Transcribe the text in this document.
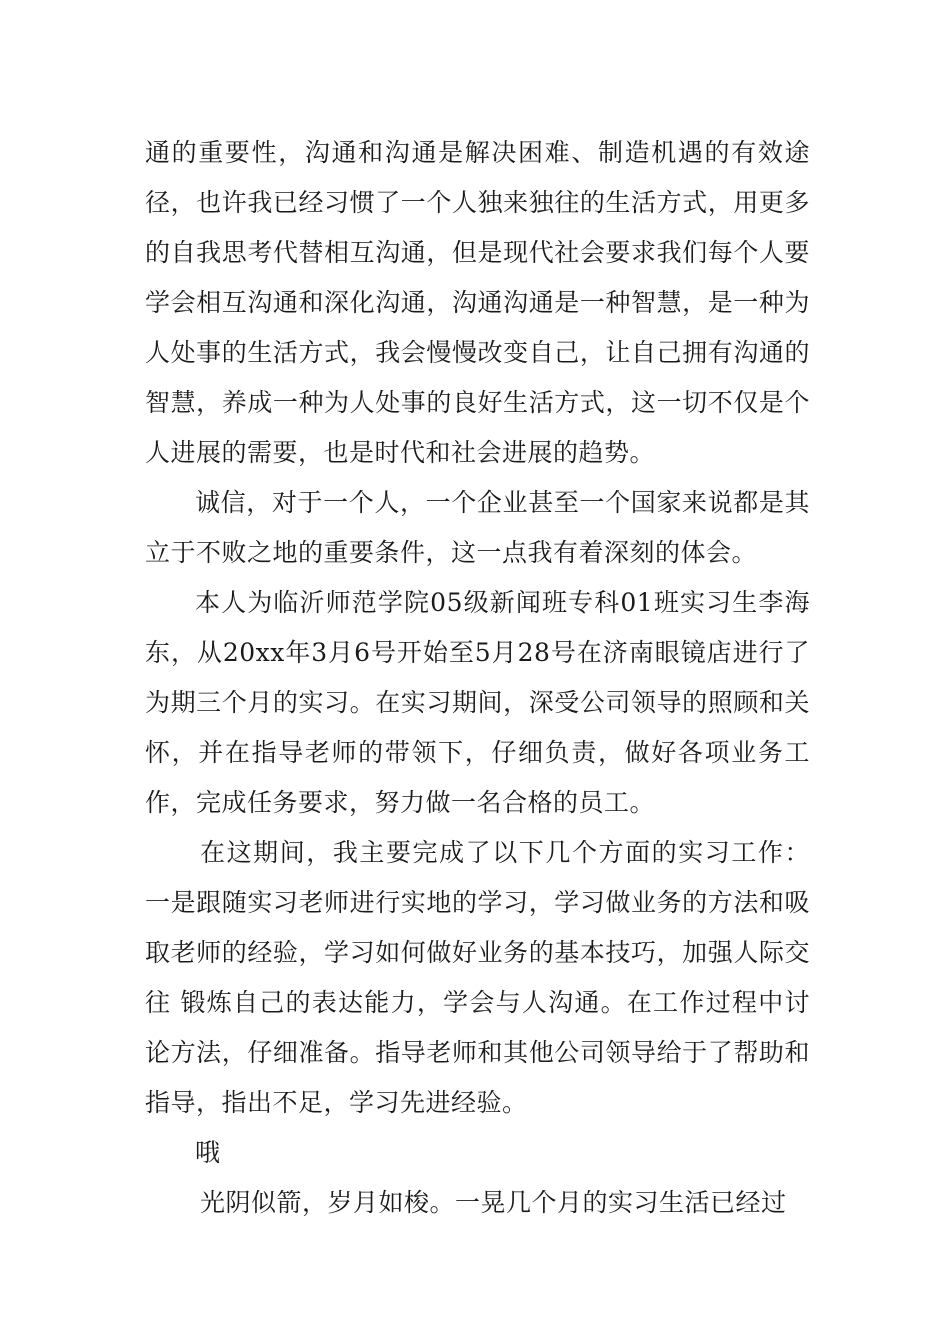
通的重要性，沟通和沟通是解决困难、制造机遇的有效途径，也许我已经习惯了一个人独来独往的生活方式，用更多的自我思考代替相互沟通，但是现代社会要求我们每个人要学会相互沟通和深化沟通，沟通沟通是一种智慧，是一种为人处事的生活方式，我会慢慢改变自己，让自己拥有沟通的智慧，养成一种为人处事的良好生活方式，这一切不仅是个人进展的需要，也是时代和社会进展的趋势。

诚信，对于一个人，一个企业甚至一个国家来说都是其立于不败之地的重要条件，这一点我有着深刻的体会。

本人为临沂师范学院05级新闻班专科01班实习生李海东，从20xx年3月6号开始至5月28号在济南眼镜店进行了为期三个月的实习。在实习期间，深受公司领导的照顾和关怀，并在指导老师的带领下，仔细负责，做好各项业务工作，完成任务要求，努力做一名合格的员工。

在这期间，我主要完成了以下几个方面的实习工作：一是跟随实习老师进行实地的学习，学习做业务的方法和吸取老师的经验，学习如何做好业务的基本技巧，加强人际交往 锻炼自己的表达能力，学会与人沟通。在工作过程中讨论方法，仔细准备。指导老师和其他公司领导给于了帮助和指导，指出不足，学习先进经验。

哦

光阴似箭，岁月如梭。一晃几个月的实习生活已经过
